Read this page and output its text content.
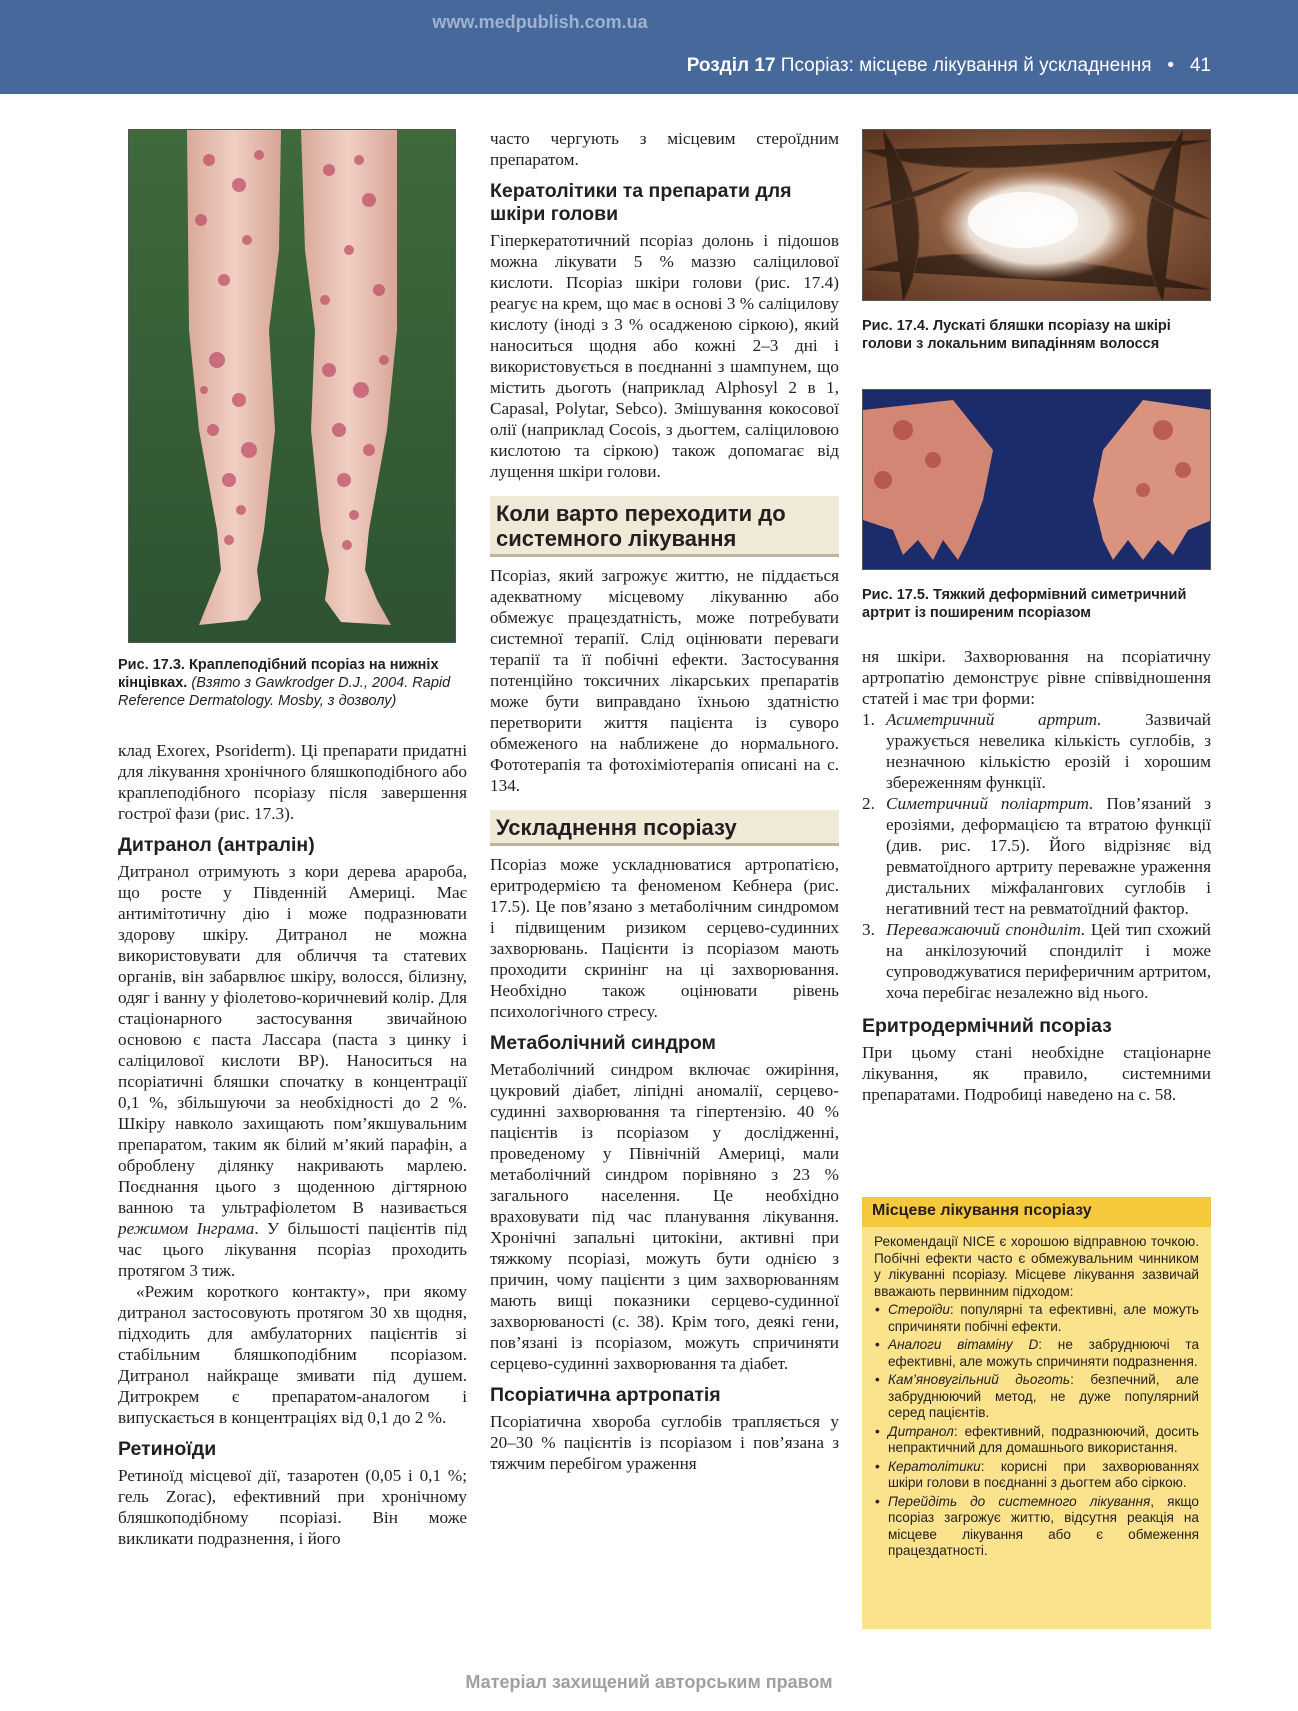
www.medpublish.com.ua
Розділ 17 Псоріаз: місцеве лікування й ускладнення • 41
Рис. 17.3. Краплеподібний псоріаз на нижніх кінцівках. (Взято з Gawkrodger D.J., 2004. Rapid Reference Dermatology. Mosby, з дозволу)

клад Exorex, Psoriderm). Ці препарати придатні для лікування хронічного бляшкоподібного або краплеподібного псоріазу після завершення гострої фази (рис. 17.3).

Дитранол (антралін)

Дитранол отримують з кори дерева араробa, що росте у Південній Америці. Має антимітотичну дію і може подразнювати здорову шкіру. Дитранол не можна використовувати для обличчя та статевих органів, він забарвлює шкіру, волосся, білизну, одяг і ванну у фіолетово-коричневий колір. Для стаціонарного застосування звичайною основою є паста Лассара (паста з цинку і саліцилової кислоти BP). Наноситься на псоріатичні бляшки спочатку в концентрації 0,1 %, збільшуючи за необхідності до 2 %. Шкіру навколо захищають пом’якшувальним препаратом, таким як білий м’який парафін, а оброблену ділянку накривають марлею. Поєднання цього з щоденною дігтярною ванною та ультрафіолетом B називається режимом Інграма. У більшості пацієнтів під час цього лікування псоріаз проходить протягом 3 тиж.

«Режим короткого контакту», при якому дитранол застосовують протягом 30 хв щодня, підходить для амбулаторних пацієнтів зі стабільним бляшкоподібним псоріазом. Дитранол найкраще змивати під душем. Дитрокрем є препаратом-аналогом і випускається в концентраціях від 0,1 до 2 %.

Ретиноїди

Ретиноїд місцевої дії, тазаротен (0,05 і 0,1 %; гель Zorac), ефективний при хронічному бляшкоподібному псоріазі. Він може викликати подразнення, і його

часто чергують з місцевим стероїдним препаратом.

Кератолітики та препарати для шкіри голови

Гіперкератотичний псоріаз долонь і підошов можна лікувати 5 % маззю саліцилової кислоти. Псоріаз шкіри голови (рис. 17.4) реагує на крем, що має в основі 3 % саліцилову кислоту (іноді з 3 % осадженою сіркою), який наноситься щодня або кожні 2–3 дні і використовується в поєднанні з шампунем, що містить дьоготь (наприклад Alphosyl 2 в 1, Capasal, Polytar, Sebco). Змішування кокосової олії (наприклад Cocois, з дьогтем, саліциловою кислотою та сіркою) також допомагає від лущення шкіри голови.

Коли варто переходити до системного лікування

Псоріаз, який загрожує життю, не піддається адекватному місцевому лікуванню або обмежує працездатність, може потребувати системної терапії. Слід оцінювати переваги терапії та її побічні ефекти. Застосування потенційно токсичних лікарських препаратів може бути виправдано їхньою здатністю перетворити життя пацієнта із суворо обмеженого на наближене до нормального. Фототерапія та фотохіміотерапія описані на с. 134.

Ускладнення псоріазу

Псоріаз може ускладнюватися артропатією, еритродермією та феноменом Кебнера (рис. 17.5). Це пов’язано з метаболічним синдромом і підвищеним ризиком серцево-судинних захворювань. Пацієнти із псоріазом мають проходити скринінг на ці захворювання. Необхідно також оцінювати рівень психологічного стресу.

Метаболічний синдром

Метаболічний синдром включає ожиріння, цукровий діабет, ліпідні аномалії, серцево-судинні захворювання та гіпертензію. 40 % пацієнтів із псоріазом у дослідженні, проведеному у Північній Америці, мали метаболічний синдром порівняно з 23 % загального населення. Це необхідно враховувати під час планування лікування. Хронічні запальні цитокіни, активні при тяжкому псоріазі, можуть бути однією з причин, чому пацієнти з цим захворюванням мають вищі показники серцево-судинної захворюваності (с. 38). Крім того, деякі гени, пов’язані із псоріазом, можуть спричиняти серцево-судинні захворювання та діабет.

Псоріатична артропатія

Псоріатична хвороба суглобів трапляється у 20–30 % пацієнтів із псоріазом і пов’язана з тяжчим перебігом ураження

Рис. 17.4. Лускаті бляшки псоріазу на шкірі голови з локальним випадінням волосся
Рис. 17.5. Тяжкий деформівний симетричний артрит із поширеним псоріазом

ня шкіри. Захворювання на псоріатичну артропатію демонструє рівне співвідношення статей і має три форми:

1. Асиметричний артрит. Зазвичай уражується невелика кількість суглобів, з незначною кількістю ерозій і хорошим збереженням функції.
2. Симетричний поліартрит. Пов’язаний з ерозіями, деформацією та втратою функції (див. рис. 17.5). Його відрізняє від ревматоїдного артриту переважне ураження дистальних міжфалангових суглобів і негативний тест на ревматоїдний фактор.
3. Переважаючий спондиліт. Цей тип схожий на анкілозуючий спондиліт і може супроводжуватися периферичним артритом, хоча перебігає незалежно від нього.
Еритродермічний псоріаз

При цьому стані необхідне стаціонарне лікування, як правило, системними препаратами. Подробиці наведено на с. 58.

Місцеве лікування псоріазу

Рекомендації NICE є хорошою відправною точкою. Побічні ефекти часто є обмежувальним чинником у лікуванні псоріазу. Місцеве лікування зазвичай вважають первинним підходом:

• Стероїди: популярні та ефективні, але можуть спричиняти побічні ефекти.
• Аналоги вітаміну D: не забруднюючі та ефективні, але можуть спричиняти подразнення.
• Кам’яновугільний дьоготь: безпечний, але забруднюючий метод, не дуже популярний серед пацієнтів.
• Дитранол: ефективний, подразнюючий, досить непрактичний для домашнього використання.
• Кератолітики: корисні при захворюваннях шкіри голови в поєднанні з дьогтем або сіркою.
• Перейдіть до системного лікування, якщо псоріаз загрожує життю, відсутня реакція на місцеве лікування або є обмеження працездатності.
Матеріал захищений авторським правом
